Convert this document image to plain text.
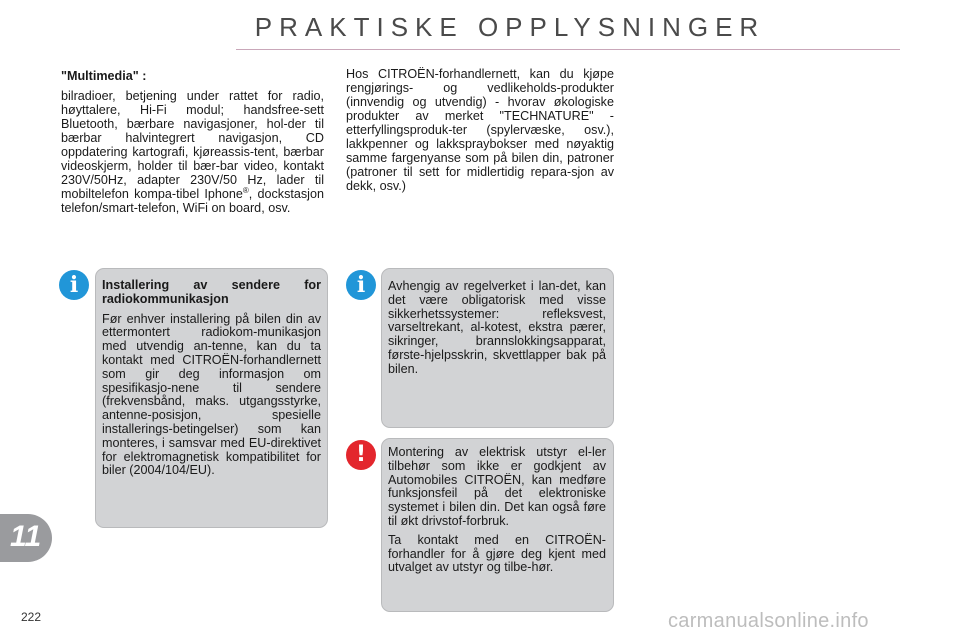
PRAKTISKE OPPLYSNINGER

"Multimedia" :

bilradioer, betjening under rattet for radio, høyttalere, Hi-Fi modul; handsfree-sett Bluetooth, bærbare navigasjoner, hol-der til bærbar halvintegrert navigasjon, CD oppdatering kartografi, kjøreassis-tent, bærbar videoskjerm, holder til bær-bar video, kontakt 230V/50Hz, adapter 230V/50 Hz, lader til mobiltelefon kompa-tibel Iphone®, dockstasjon telefon/smart-telefon, WiFi on board, osv.

Hos CITROËN-forhandlernett, kan du kjøpe rengjørings- og vedlikeholds-produkter (innvendig og utvendig) - hvorav økologiske produkter av merket "TECHNATURE" - etterfyllingsproduk-ter (spylervæske, osv.), lakkpenner og lakkspraybokser med nøyaktig samme fargenyanse som på bilen din, patroner (patroner til sett for midlertidig repara-sjon av dekk, osv.)

i	Installering av sendere for radiokommunikasjon

Før enhver installering på bilen din av ettermontert radiokom-munikasjon med utvendig an-tenne, kan du ta kontakt med CITROËN-forhandlernett som gir deg informasjon om spesifikasjo-nene til sendere (frekvensbånd, maks. utgangsstyrke, antenne-posisjon, spesielle installerings-betingelser) som kan monteres, i samsvar med EU-direktivet for elektromagnetisk kompatibilitet for biler (2004/104/EU).

i	Avhengig av regelverket i lan-det, kan det være obligatorisk med visse sikkerhetssystemer: refleksvest, varseltrekant, al-kotest, ekstra pærer, sikringer, brannslokkingsapparat, første-hjelpsskrin, skvettlapper bak på bilen.

!	Montering av elektrisk utstyr el-ler tilbehør som ikke er godkjent av Automobiles CITROËN, kan medføre funksjonsfeil på det elektroniske systemet i bilen din. Det kan også føre til økt drivstof-forbruk.

Ta kontakt med en CITROËN-forhandler for å gjøre deg kjent med utvalget av utstyr og tilbe-hør.

11
222	carmanualsonline.info
